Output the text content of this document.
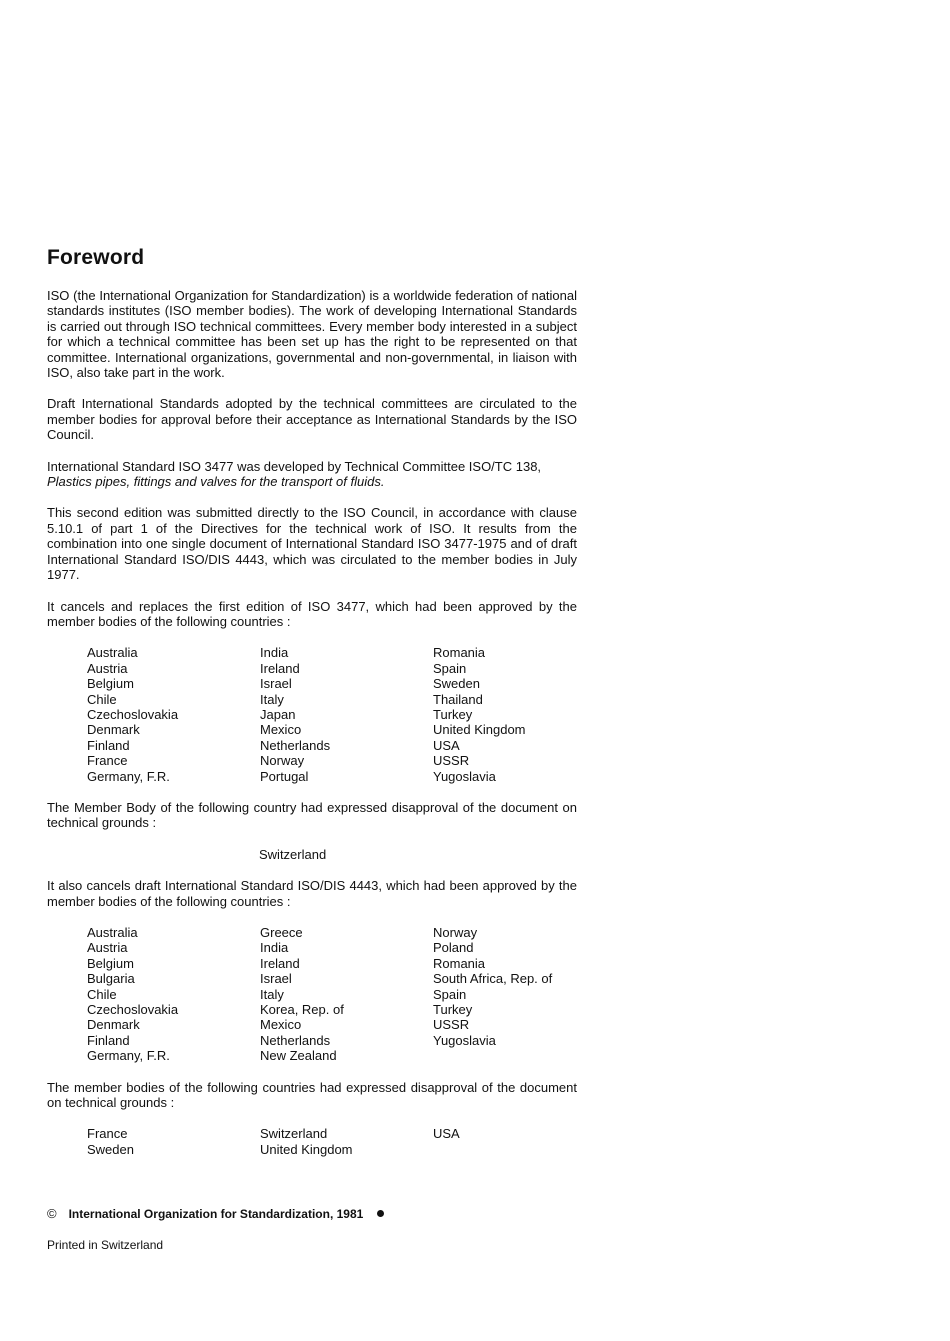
Foreword

ISO (the International Organization for Standardization) is a worldwide federation of national standards institutes (ISO member bodies). The work of developing International Standards is carried out through ISO technical committees. Every member body interested in a subject for which a technical committee has been set up has the right to be represented on that committee. International organizations, governmental and non-governmental, in liaison with ISO, also take part in the work.

Draft International Standards adopted by the technical committees are circulated to the member bodies for approval before their acceptance as International Standards by the ISO Council.

International Standard ISO 3477 was developed by Technical Committee ISO/TC 138,
Plastics pipes, fittings and valves for the transport of fluids.

This second edition was submitted directly to the ISO Council, in accordance with clause 5.10.1 of part 1 of the Directives for the technical work of ISO. It results from the combination into one single document of International Standard ISO 3477-1975 and of draft International Standard ISO/DIS 4443, which was circulated to the member bodies in July 1977.

It cancels and replaces the first edition of ISO 3477, which had been approved by the member bodies of the following countries :

Australia
Austria
Belgium
Chile
Czechoslovakia
Denmark
Finland
France
Germany, F.R.
India
Ireland
Israel
Italy
Japan
Mexico
Netherlands
Norway
Portugal
Romania
Spain
Sweden
Thailand
Turkey
United Kingdom
USA
USSR
Yugoslavia

The Member Body of the following country had expressed disapproval of the document on technical grounds :

Switzerland

It also cancels draft International Standard ISO/DIS 4443, which had been approved by the member bodies of the following countries :

Australia
Austria
Belgium
Bulgaria
Chile
Czechoslovakia
Denmark
Finland
Germany, F.R.
Greece
India
Ireland
Israel
Italy
Korea, Rep. of
Mexico
Netherlands
New Zealand
Norway
Poland
Romania
South Africa, Rep. of
Spain
Turkey
USSR
Yugoslavia

The member bodies of the following countries had expressed disapproval of the document on technical grounds :

France
Sweden
Switzerland
United Kingdom
USA
© International Organization for Standardization, 1981
Printed in Switzerland
